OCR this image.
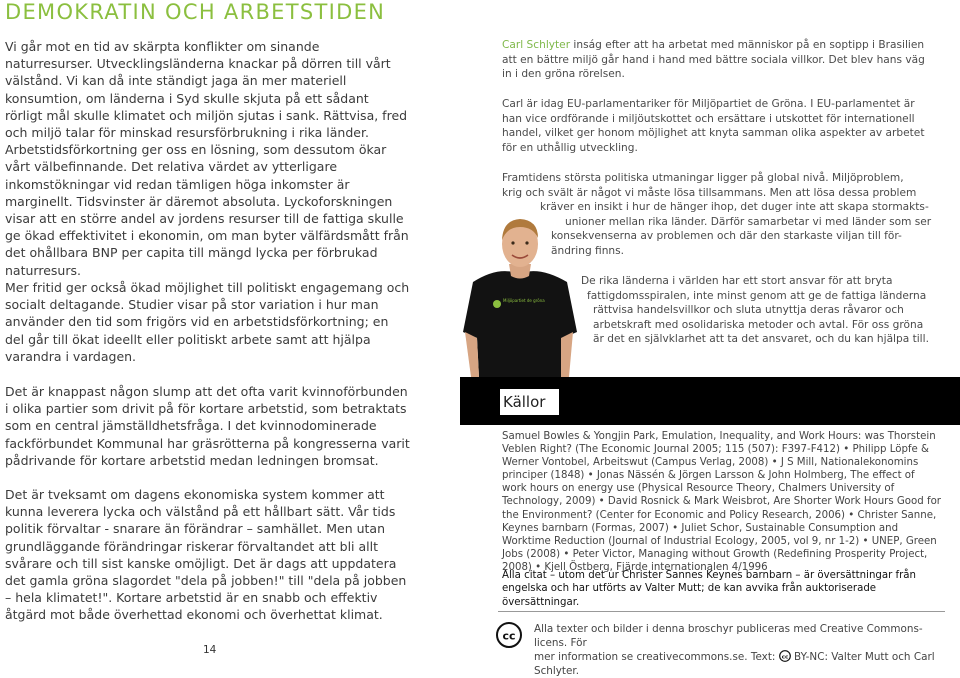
DEMOKRATIN OCH ARBETSTIDEN

Vi går mot en tid av skärpta konflikter om sinande naturresurser. Utvecklingsländerna knackar på dörren till vårt välstånd. Vi kan då inte ständigt jaga än mer materiell konsumtion, om länderna i Syd skulle skjuta på ett sådant rörligt mål skulle klimatet och miljön sjutas i sank. Rättvisa, fred och miljö talar för minskad resursförbrukning i rika länder. Arbetstidsförkortning ger oss en lösning, som dessutom ökar vårt välbefinnande. Det relativa värdet av ytterligare inkomstökningar vid redan tämligen höga inkomster är marginellt. Tidsvinster är däremot absoluta. Lyckoforskningen visar att en större andel av jordens resurser till de fattiga skulle ge ökad effektivitet i ekonomin, om man byter välfärdsmått från det ohållbara BNP per capita till mängd lycka per förbrukad naturresurs.

Mer fritid ger också ökad möjlighet till politiskt engagemang och socialt deltagande. Studier visar på stor variation i hur man använder den tid som frigörs vid en arbetstidsförkortning; en del går till ökat ideellt eller politiskt arbete samt att hjälpa varandra i vardagen.

Det är knappast någon slump att det ofta varit kvinnoförbunden i olika partier som drivit på för kortare arbetstid, som betraktats som en central jämställdhetsfråga. I det kvinnodominerade fackförbundet Kommunal har gräsrötterna på kongresserna varit pådrivande för kortare arbetstid medan ledningen bromsat.

Det är tveksamt om dagens ekonomiska system kommer att kunna leverera lycka och välstånd på ett hållbart sätt. Vår tids politik förvaltar - snarare än förändrar – samhället. Men utan grundläggande förändringar riskerar förvaltandet att bli allt svårare och till sist kanske omöjligt. Det är dags att uppdatera det gamla gröna slagordet "dela på jobben!" till "dela på jobben – hela klimatet!". Kortare arbetstid är en snabb och effektiv åtgärd mot både överhettad ekonomi och överhettat klimat.

Carl Schlyter inság efter att ha arbetat med människor på en soptipp i Brasilien att en bättre miljö går hand i hand med bättre sociala villkor. Det blev hans väg in i den gröna rörelsen.

Carl är idag EU-parlamentariker för Miljöpartiet de Gröna. I EU-parlamentet är han vice ordförande i miljöutskottet och ersättare i utskottet för internationell handel, vilket ger honom möjlighet att knyta samman olika aspekter av arbetet för en uthållig utveckling.

Framtidens största politiska utmaningar ligger på global nivå. Miljöproblem,
krig och svält är något vi måste lösa tillsammans. Men att lösa dessa problem
kräver en insikt i hur de hänger ihop, det duger inte att skapa stormakts-
unioner mellan rika länder. Därför samarbetar vi med länder som ser
konsekvenserna av problemen och där den starkaste viljan till för-
ändring finns.
De rika länderna i världen har ett stort ansvar för att bryta
fattigdomsspiralen, inte minst genom att ge de fattiga länderna
rättvisa handelsvillkor och sluta utnyttja deras råvaror och
arbetskraft med osolidariska metoder och avtal. För oss gröna
är det en självklarhet att ta det ansvaret, och du kan hjälpa till.
Miljöpartiet de gröna
Källor

Samuel Bowles & Yongjin Park, Emulation, Inequality, and Work Hours: was Thorstein Veblen Right? (The Economic Journal 2005; 115 (507): F397-F412) • Philipp Löpfe & Werner Vontobel, Arbeitswut (Campus Verlag, 2008) • J S Mill, Nationalekonomins principer (1848) • Jonas Nässén & Jörgen Larsson & John Holmberg, The effect of work hours on energy use (Physical Resource Theory, Chalmers University of Technology, 2009) • David Rosnick & Mark Weisbrot, Are Shorter Work Hours Good for the Environment? (Center for Economic and Policy Research, 2006) • Christer Sanne, Keynes barnbarn (Formas, 2007) • Juliet Schor, Sustainable Consumption and Worktime Reduction (Journal of Industrial Ecology, 2005, vol 9, nr 1-2) • UNEP, Green Jobs (2008) • Peter Victor, Managing without Growth (Redefining Prosperity Project, 2008) • Kjell Östberg, Fjärde internationalen 4/1996

Alla citat – utom det ur Christer Sannes Keynes barnbarn – är översättningar från engelska och har utförts av Valter Mutt; de kan avvika från auktoriserade översättningar.

cc
Alla texter och bilder i denna broschyr publiceras med Creative Commons-licens. För
mer information se creativecommons.se. Text: cc BY-NC: Valter Mutt och Carl Schlyter.
14
